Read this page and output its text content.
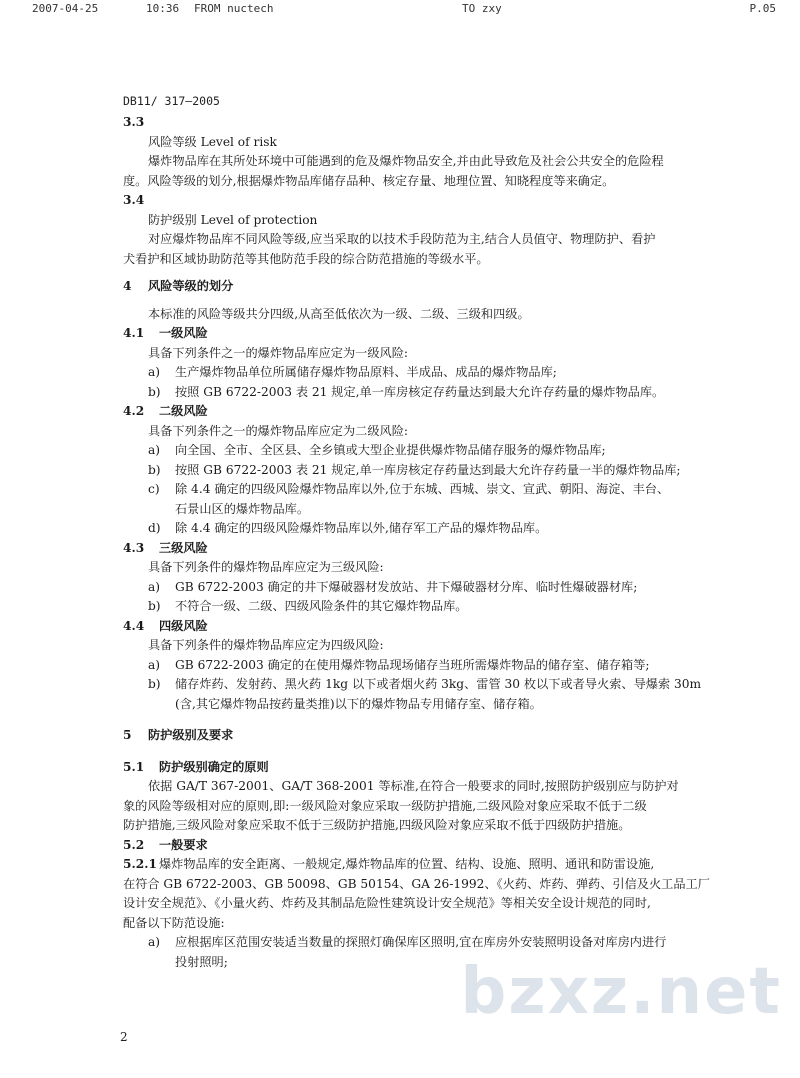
2007-04-25	10:36 FROM nuctech	TO zxy	P.05
DB11/ 317—2005
3.3
风险等级 Level of risk
爆炸物品库在其所处环境中可能遇到的危及爆炸物品安全,并由此导致危及社会公共安全的危险程
度。风险等级的划分,根据爆炸物品库储存品种、核定存量、地理位置、知晓程度等来确定。
3.4
防护级别 Level of protection
对应爆炸物品库不同风险等级,应当采取的以技术手段防范为主,结合人员值守、物理防护、看护
犬看护和区域协助防范等其他防范手段的综合防范措施的等级水平。
4 风险等级的划分
本标准的风险等级共分四级,从高至低依次为一级、二级、三级和四级。
4.1 一级风险
具备下列条件之一的爆炸物品库应定为一级风险:
a) 生产爆炸物品单位所属储存爆炸物品原料、半成品、成品的爆炸物品库;
b) 按照 GB 6722-2003 表 21 规定,单一库房核定存药量达到最大允许存药量的爆炸物品库。
4.2 二级风险
具备下列条件之一的爆炸物品库应定为二级风险:
a) 向全国、全市、全区县、全乡镇或大型企业提供爆炸物品储存服务的爆炸物品库;
b) 按照 GB 6722-2003 表 21 规定,单一库房核定存药量达到最大允许存药量一半的爆炸物品库;
c) 除 4.4 确定的四级风险爆炸物品库以外,位于东城、西城、崇文、宣武、朝阳、海淀、丰台、
石景山区的爆炸物品库。
d) 除 4.4 确定的四级风险爆炸物品库以外,储存军工产品的爆炸物品库。
4.3 三级风险
具备下列条件的爆炸物品库应定为三级风险:
a) GB 6722-2003 确定的井下爆破器材发放站、井下爆破器材分库、临时性爆破器材库;
b) 不符合一级、二级、四级风险条件的其它爆炸物品库。
4.4 四级风险
具备下列条件的爆炸物品库应定为四级风险:
a) GB 6722-2003 确定的在使用爆炸物品现场储存当班所需爆炸物品的储存室、储存箱等;
b) 储存炸药、发射药、黑火药 1kg 以下或者烟火药 3kg、雷管 30 枚以下或者导火索、导爆索 30m
(含,其它爆炸物品按药量类推)以下的爆炸物品专用储存室、储存箱。
5 防护级别及要求
5.1 防护级别确定的原则
依据 GA/T 367-2001、GA/T 368-2001 等标准,在符合一般要求的同时,按照防护级别应与防护对
象的风险等级相对应的原则,即:一级风险对象应采取一级防护措施,二级风险对象应采取不低于二级
防护措施,三级风险对象应采取不低于三级防护措施,四级风险对象应采取不低于四级防护措施。
5.2 一般要求
5.2.1 爆炸物品库的安全距离、一般规定,爆炸物品库的位置、结构、设施、照明、通讯和防雷设施,
在符合 GB 6722-2003、GB 50098、GB 50154、GA 26-1992、《火药、炸药、弹药、引信及火工品工厂
设计安全规范》、《小量火药、炸药及其制品危险性建筑设计安全规范》等相关安全设计规范的同时,
配备以下防范设施:
a) 应根据库区范围安装适当数量的探照灯确保库区照明,宜在库房外安装照明设备对库房内进行
投射照明;	bzxz.net
2
